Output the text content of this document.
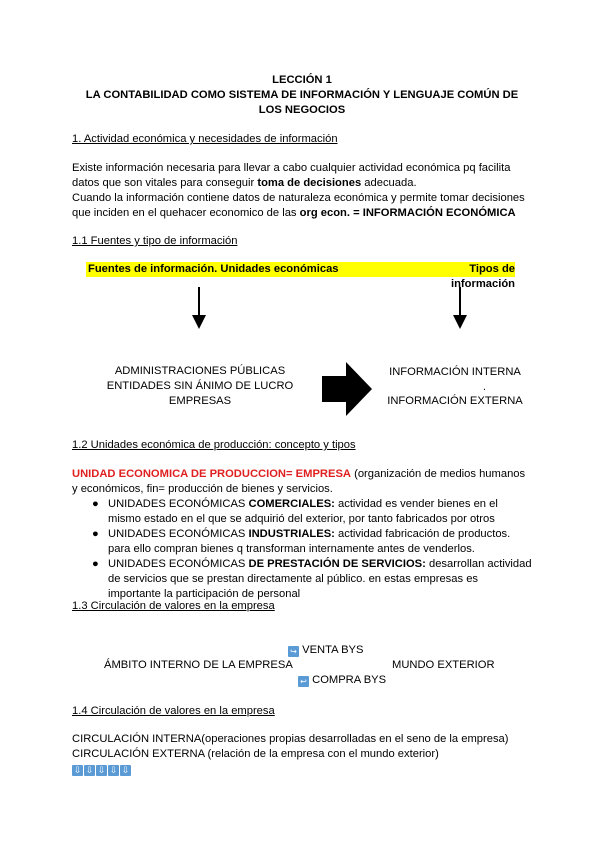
LECCIÓN 1
LA CONTABILIDAD COMO SISTEMA DE INFORMACIÓN Y LENGUAJE COMÚN DE
LOS NEGOCIOS
1. Actividad económica y necesidades de información
Existe información necesaria para llevar a cabo cualquier actividad económica pq facilita datos que son vitales para conseguir toma de decisiones adecuada.
Cuando la información contiene datos de naturaleza económica y permite tomar decisiones que inciden en el quehacer economico de las org econ. = INFORMACIÓN ECONÓMICA
1.1 Fuentes y tipo de información
Fuentes de información. Unidades económicas	Tipos de información
ADMINISTRACIONES PÚBLICAS
ENTIDADES SIN ÁNIMO DE LUCRO
EMPRESAS
INFORMACIÓN INTERNA
.
INFORMACIÓN EXTERNA
1.2 Unidades económica de producción: concepto y tipos
UNIDAD ECONOMICA DE PRODUCCION= EMPRESA (organización de medios humanos y económicos, fin= producción de bienes y servicios.
● UNIDADES ECONÓMICAS COMERCIALES: actividad es vender bienes en el mismo estado en el que se adquirió del exterior, por tanto fabricados por otros
● UNIDADES ECONÓMICAS INDUSTRIALES: actividad fabricación de productos. para ello compran bienes q transforman internamente antes de venderlos.
● UNIDADES ECONÓMICAS DE PRESTACIÓN DE SERVICIOS: desarrollan actividad de servicios que se prestan directamente al público. en estas empresas es importante la participación de personal
1.3 Circulación de valores en la empresa
↪ VENTA BYS
ÁMBITO INTERNO DE LA EMPRESA	MUNDO EXTERIOR
↩ COMPRA BYS
1.4 Circulación de valores en la empresa
CIRCULACIÓN INTERNA(operaciones propias desarrolladas en el seno de la empresa)
CIRCULACIÓN EXTERNA (relación de la empresa con el mundo exterior)
⇩ ⇩ ⇩ ⇩ ⇩
